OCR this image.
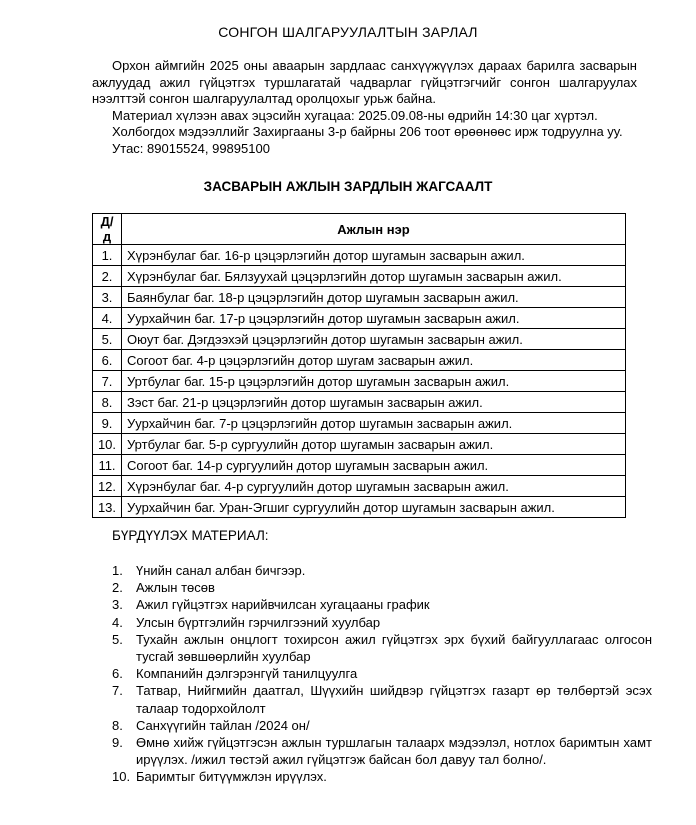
СОНГОН ШАЛГАРУУЛАЛТЫН ЗАРЛАЛ

Орхон аймгийн 2025 оны аваарын зардлаас санхүүжүүлэх дараах барилга засварын ажлуудад ажил гүйцэтгэх туршлагатай чадварлаг гүйцэтгэгчийг сонгон шалгаруулах нээлттэй сонгон шалгаруулалтад оролцохыг урьж байна.

Материал хүлээн авах эцэсийн хугацаа: 2025.09.08-ны өдрийн 14:30 цаг хүртэл.
Холбогдох мэдээллийг Захиргааны 3-р байрны 206 тоот өрөөнөөс ирж тодруулна уу.
Утас: 89015524, 99895100
ЗАСВАРЫН АЖЛЫН ЗАРДЛЫН ЖАГСААЛТ
Д/д	Ажлын нэр
1.	Хүрэнбулаг баг. 16-р цэцэрлэгийн дотор шугамын засварын ажил.
2.	Хүрэнбулаг баг. Бялзуухай цэцэрлэгийн дотор шугамын засварын ажил.
3.	Баянбулаг баг. 18-р цэцэрлэгийн дотор шугамын засварын ажил.
4.	Уурхайчин баг. 17-р цэцэрлэгийн дотор шугамын засварын ажил.
5.	Оюут баг. Дэгдээхэй цэцэрлэгийн дотор шугамын засварын ажил.
6.	Согоот баг. 4-р цэцэрлэгийн дотор шугам засварын ажил.
7.	Уртбулаг баг. 15-р цэцэрлэгийн дотор шугамын засварын ажил.
8.	Зэст баг. 21-р цэцэрлэгийн дотор шугамын засварын ажил.
9.	Уурхайчин баг. 7-р цэцэрлэгийн дотор шугамын засварын ажил.
10.	Уртбулаг баг. 5-р сургуулийн дотор шугамын засварын ажил.
11.	Согоот баг. 14-р сургуулийн дотор шугамын засварын ажил.
12.	Хүрэнбулаг баг. 4-р сургуулийн дотор шугамын засварын ажил.
13.	Уурхайчин баг. Уран-Эгшиг сургуулийн дотор шугамын засварын ажил.
БҮРДҮҮЛЭХ МАТЕРИАЛ:
1. Үнийн санал албан бичгээр.
2. Ажлын төсөв
3. Ажил гүйцэтгэх нарийвчилсан хугацааны график
4. Улсын бүртгэлийн гэрчилгээний хуулбар
5. Тухайн ажлын онцлогт тохирсон ажил гүйцэтгэх эрх бүхий байгууллагаас олгосон тусгай зөвшөөрлийн хуулбар
6. Компанийн дэлгэрэнгүй танилцуулга
7. Татвар, Нийгмийн даатгал, Шүүхийн шийдвэр гүйцэтгэх газарт өр төлбөртэй эсэх талаар тодорхойлолт
8. Санхүүгийн тайлан /2024 он/
9. Өмнө хийж гүйцэтгэсэн ажлын туршлагын талаарх мэдээлэл, нотлох баримтын хамт ирүүлэх. /ижил төстэй ажил гүйцэтгэж байсан бол давуу тал болно/.
10. Баримтыг битүүмжлэн ирүүлэх.
